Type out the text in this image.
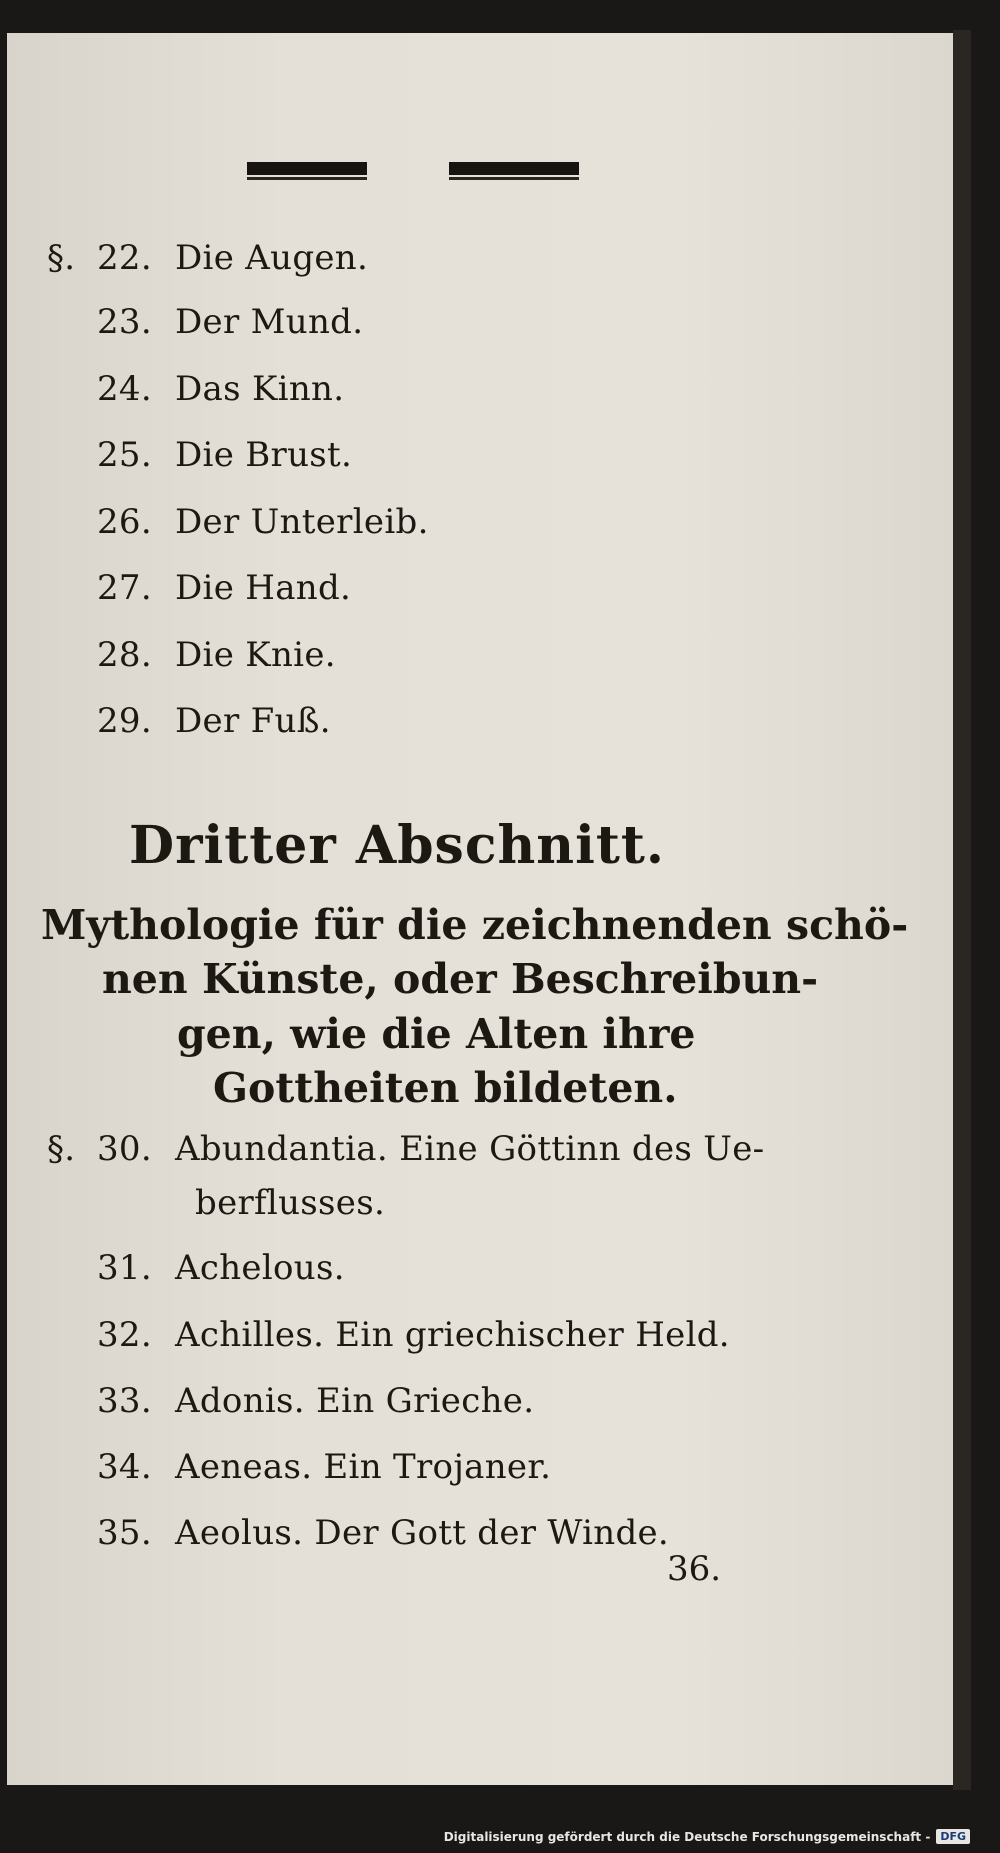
§. 22. Die Augen.
23. Der Mund.
24. Das Kinn.
25. Die Brust.
26. Der Unterleib.
27. Die Hand.
28. Die Knie.
29. Der Fuß.
Dritter Abschnitt.
Mythologie für die zeichnenden schö-
nen Künste, oder Beschreibun-
gen, wie die Alten ihre
Gottheiten bildeten.
§. 30. Abundantia. Eine Göttinn des Ue-
berflusses.
31. Achelous.
32. Achilles. Ein griechischer Held.
33. Adonis. Ein Grieche.
34. Aeneas. Ein Trojaner.
35. Aeolus. Der Gott der Winde.
36.
Digitalisierung gefördert durch die Deutsche Forschungsgemeinschaft - DFG
